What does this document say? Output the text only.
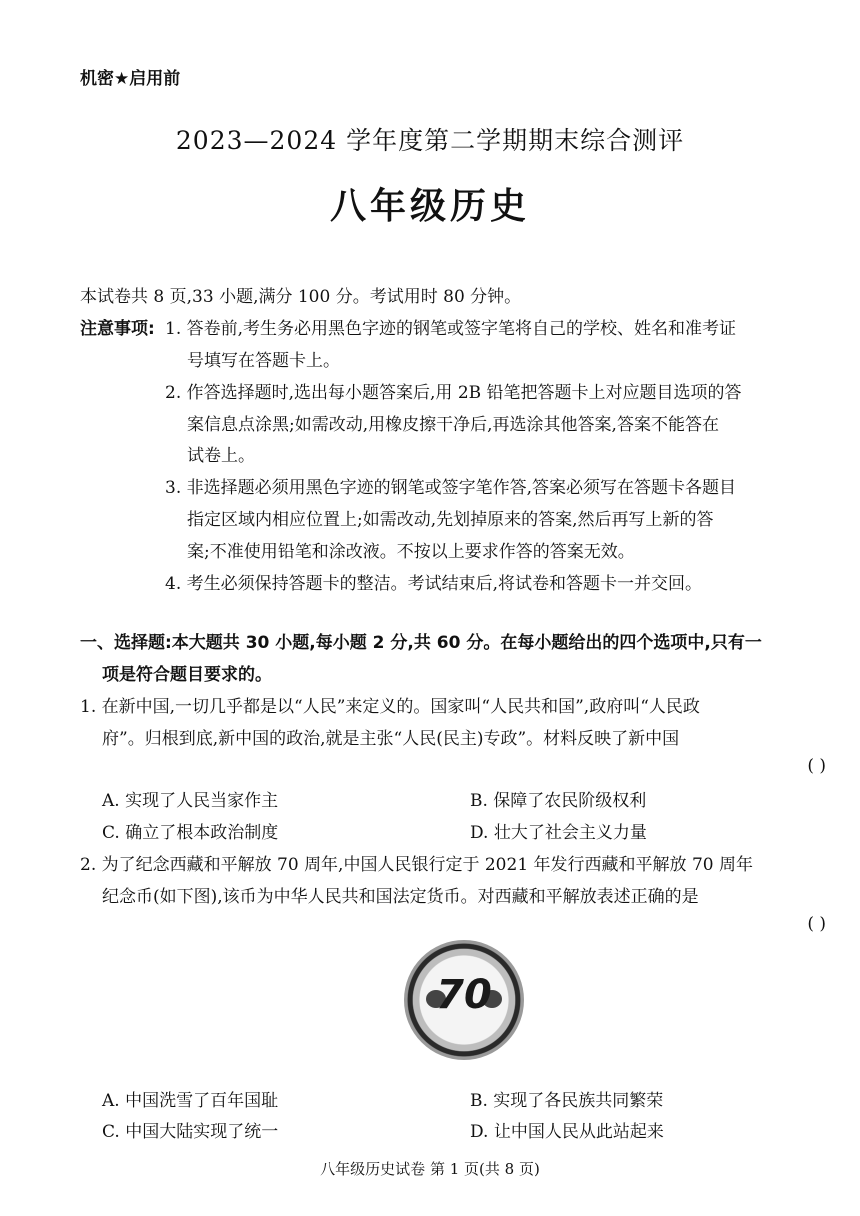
机密★启用前
2023—2024 学年度第二学期期末综合测评
八年级历史
本试卷共 8 页,33 小题,满分 100 分。考试用时 80 分钟。
注意事项: 1. 答卷前,考生务必用黑色字迹的钢笔或签字笔将自己的学校、姓名和准考证
号填写在答题卡上。
2. 作答选择题时,选出每小题答案后,用 2B 铅笔把答题卡上对应题目选项的答
案信息点涂黑;如需改动,用橡皮擦干净后,再选涂其他答案,答案不能答在
试卷上。
3. 非选择题必须用黑色字迹的钢笔或签字笔作答,答案必须写在答题卡各题目
指定区域内相应位置上;如需改动,先划掉原来的答案,然后再写上新的答
案;不准使用铅笔和涂改液。不按以上要求作答的答案无效。
4. 考生必须保持答题卡的整洁。考试结束后,将试卷和答题卡一并交回。
一、选择题:本大题共 30 小题,每小题 2 分,共 60 分。在每小题给出的四个选项中,只有一
项是符合题目要求的。
1. 在新中国,一切几乎都是以“人民”来定义的。国家叫“人民共和国”,政府叫“人民政
府”。归根到底,新中国的政治,就是主张“人民(民主)专政”。材料反映了新中国
( )
A. 实现了人民当家作主	B. 保障了农民阶级权利
C. 确立了根本政治制度	D. 壮大了社会主义力量
2. 为了纪念西藏和平解放 70 周年,中国人民银行定于 2021 年发行西藏和平解放 70 周年
纪念币(如下图),该币为中华人民共和国法定货币。对西藏和平解放表述正确的是
( )
70
A. 中国洗雪了百年国耻	B. 实现了各民族共同繁荣
C. 中国大陆实现了统一	D. 让中国人民从此站起来
八年级历史试卷 第 1 页(共 8 页)
